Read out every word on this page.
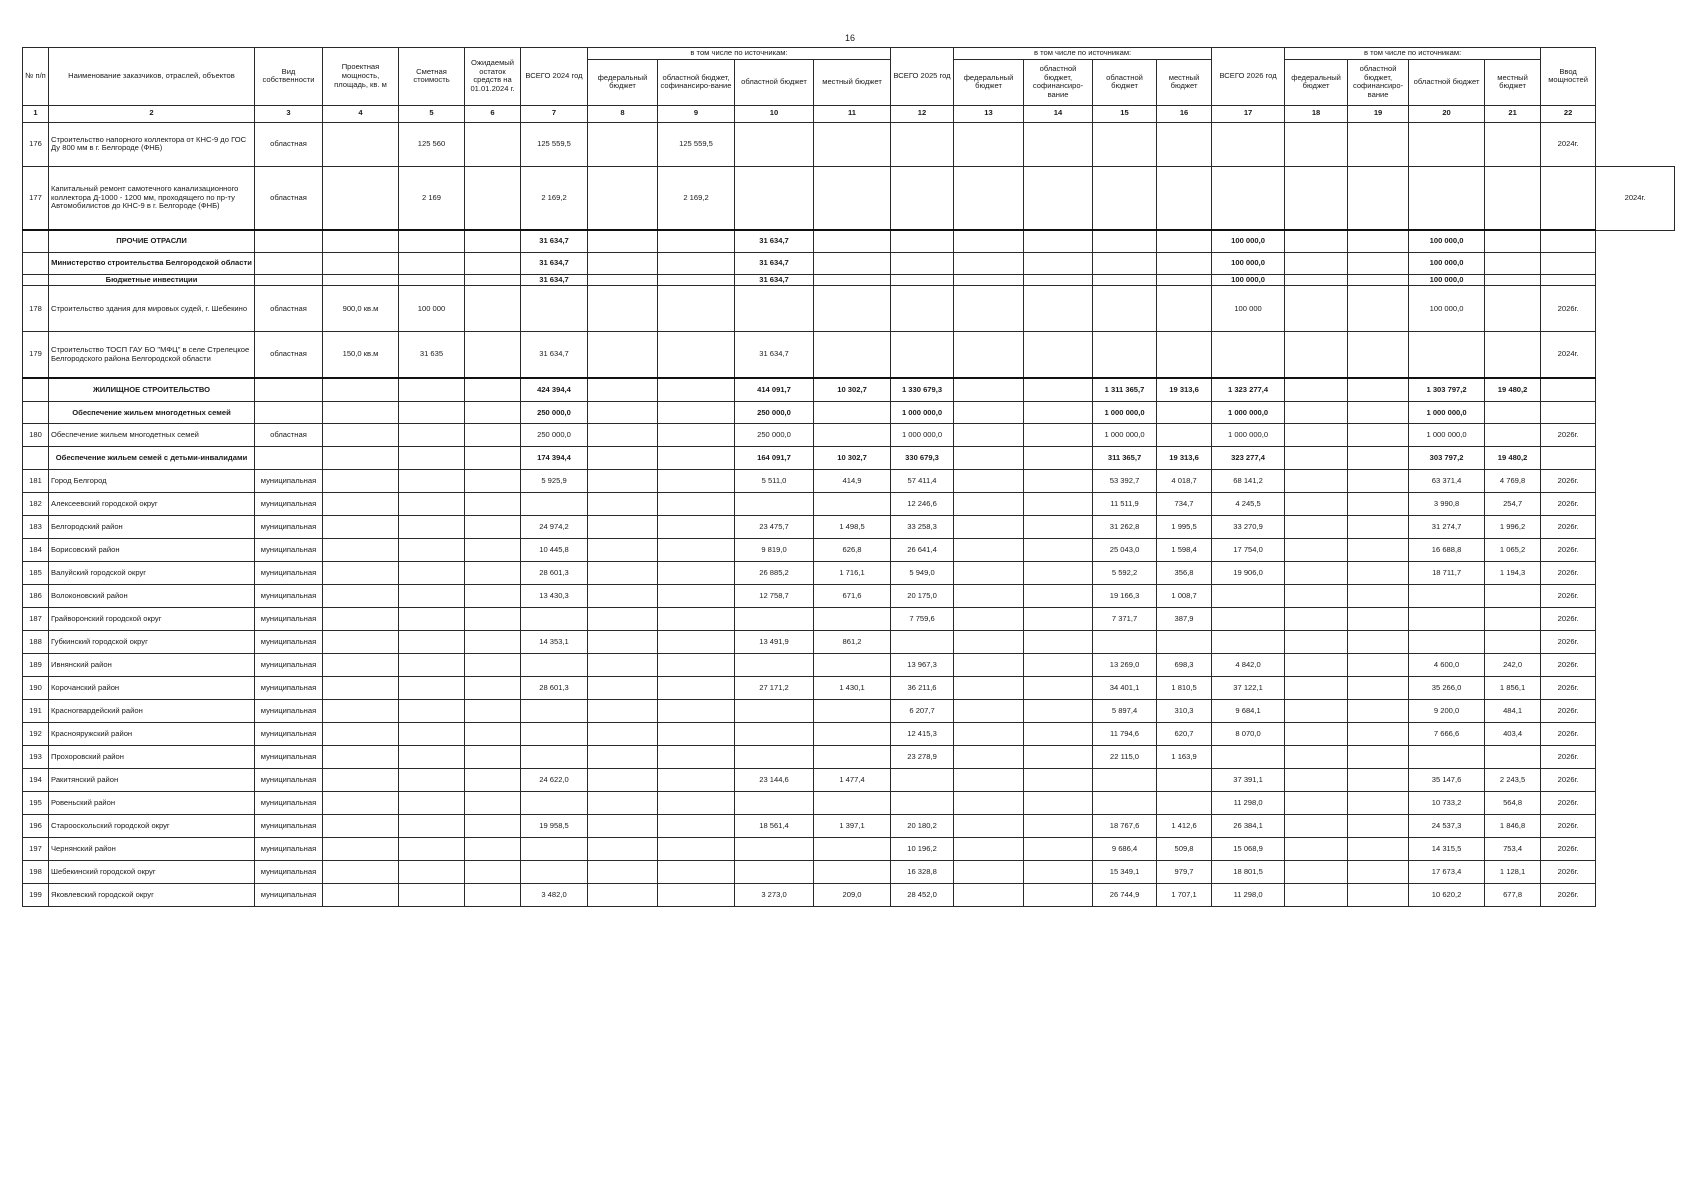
16
№ п/п	Наименование заказчиков, отраслей, объектов	Вид собственности	Проектная мощность, площадь, кв. м	Сметная стоимость	Ожидаемый остаток средств на 01.01.2024 г.	ВСЕГО 2024 год	в том числе по источникам:				ВСЕГО 2025 год	в том числе по источникам:				ВСЕГО 2026 год	в том числе по источникам:				Ввод мощностей	
							федеральный бюджет	областной бюджет, софинансиро-вание	областной бюджет	местный бюджет		федеральный бюджет	областной бюджет, софинансиро-вание	областной бюджет	местный бюджет		федеральный бюджет	областной бюджет, софинансиро-вание	областной бюджет	местный бюджет		
1	2	3	4	5	6	7	8	9	10	11	12	13	14	15	16	17	18	19	20	21	22	
176	Строительство напорного коллектора от КНС-9 до ГОС Ду 800 мм в г. Белгороде (ФНБ)	областная		125 560		125 559,5		125 559,5													2024г.	
177	Капитальный ремонт самотечного канализационного коллектора Д-1000 - 1200 мм, проходящего по пр-ту Автомобилистов до КНС-9 в г. Белгороде (ФНБ)	областная		2 169		2 169,2		2 169,2														2024г.
	ПРОЧИЕ ОТРАСЛИ					31 634,7			31 634,7							100 000,0			100 000,0			
	Министерство строительства Белгородской области					31 634,7			31 634,7							100 000,0			100 000,0			
	Бюджетные инвестиции					31 634,7			31 634,7							100 000,0			100 000,0			
178	Строительство здания для мировых судей, г. Шебекино	областная	900,0 кв.м	100 000												100 000			100 000,0		2026г.	
179	Строительство ТОСП ГАУ БО "МФЦ" в селе Стрелецкое Белгородского района Белгородской области	областная	150,0 кв.м	31 635		31 634,7			31 634,7												2024г.	
	ЖИЛИЩНОЕ СТРОИТЕЛЬСТВО					424 394,4			414 091,7	10 302,7	1 330 679,3			1 311 365,7	19 313,6	1 323 277,4			1 303 797,2	19 480,2		
	Обеспечение жильем многодетных семей					250 000,0			250 000,0		1 000 000,0			1 000 000,0		1 000 000,0			1 000 000,0			
180	Обеспечение жильем многодетных семей	областная				250 000,0			250 000,0		1 000 000,0			1 000 000,0		1 000 000,0			1 000 000,0		2026г.	
	Обеспечение жильем семей с детьми-инвалидами					174 394,4			164 091,7	10 302,7	330 679,3			311 365,7	19 313,6	323 277,4			303 797,2	19 480,2		
181	Город Белгород	муниципальная				5 925,9			5 511,0	414,9	57 411,4			53 392,7	4 018,7	68 141,2			63 371,4	4 769,8	2026г.	
182	Алексеевский городской округ	муниципальная									12 246,6			11 511,9	734,7	4 245,5			3 990,8	254,7	2026г.	
183	Белгородский район	муниципальная				24 974,2			23 475,7	1 498,5	33 258,3			31 262,8	1 995,5	33 270,9			31 274,7	1 996,2	2026г.	
184	Борисовский район	муниципальная				10 445,8			9 819,0	626,8	26 641,4			25 043,0	1 598,4	17 754,0			16 688,8	1 065,2	2026г.	
185	Валуйский городской округ	муниципальная				28 601,3			26 885,2	1 716,1	5 949,0			5 592,2	356,8	19 906,0			18 711,7	1 194,3	2026г.	
186	Волоконовский район	муниципальная				13 430,3			12 758,7	671,6	20 175,0			19 166,3	1 008,7						2026г.	
187	Грайворонский городской округ	муниципальная									7 759,6			7 371,7	387,9						2026г.	
188	Губкинский городской округ	муниципальная				14 353,1			13 491,9	861,2											2026г.	
189	Ивнянский район	муниципальная									13 967,3			13 269,0	698,3	4 842,0			4 600,0	242,0	2026г.	
190	Корочанский район	муниципальная				28 601,3			27 171,2	1 430,1	36 211,6			34 401,1	1 810,5	37 122,1			35 266,0	1 856,1	2026г.	
191	Красногвардейский район	муниципальная									6 207,7			5 897,4	310,3	9 684,1			9 200,0	484,1	2026г.	
192	Краснояружский район	муниципальная									12 415,3			11 794,6	620,7	8 070,0			7 666,6	403,4	2026г.	
193	Прохоровский район	муниципальная									23 278,9			22 115,0	1 163,9						2026г.	
194	Ракитянский район	муниципальная				24 622,0			23 144,6	1 477,4						37 391,1			35 147,6	2 243,5	2026г.	
195	Ровеньский район	муниципальная														11 298,0			10 733,2	564,8	2026г.	
196	Старооскольский городской округ	муниципальная				19 958,5			18 561,4	1 397,1	20 180,2			18 767,6	1 412,6	26 384,1			24 537,3	1 846,8	2026г.	
197	Чернянский район	муниципальная									10 196,2			9 686,4	509,8	15 068,9			14 315,5	753,4	2026г.	
198	Шебекинский городской округ	муниципальная									16 328,8			15 349,1	979,7	18 801,5			17 673,4	1 128,1	2026г.	
199	Яковлевский городской округ	муниципальная				3 482,0			3 273,0	209,0	28 452,0			26 744,9	1 707,1	11 298,0			10 620,2	677,8	2026г.	
